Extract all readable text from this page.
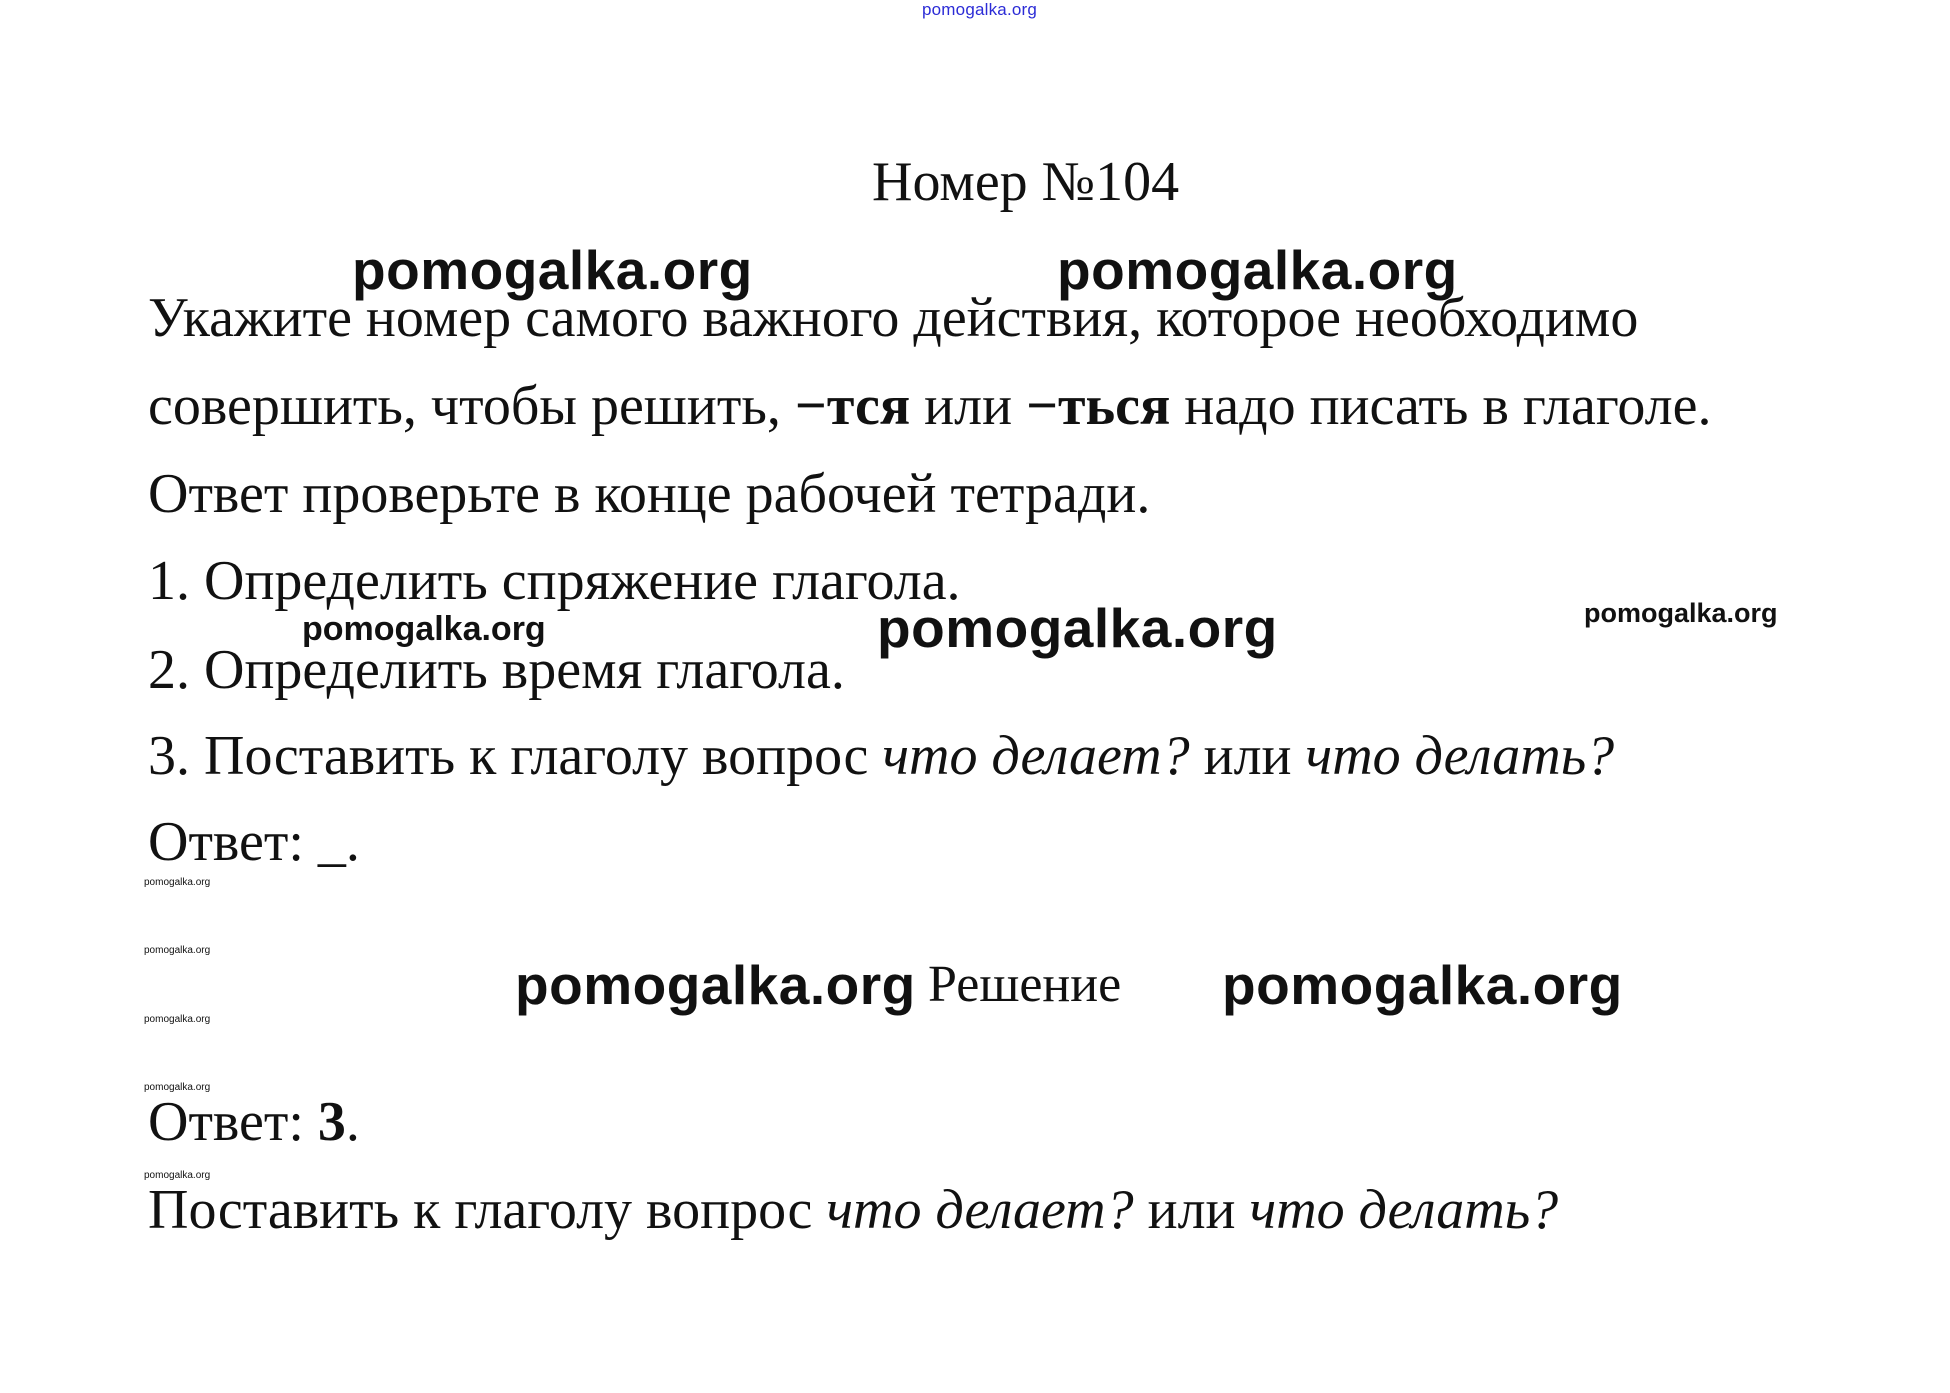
pomogalka.org
Номер №104
pomogalka.org	pomogalka.org
Укажите номер самого важного действия, которое необходимо
совершить, чтобы решить, −тся или −ться надо писать в глаголе.
Ответ проверьте в конце рабочей тетради.
1. Определить спряжение глагола.
pomogalka.org	pomogalka.org	pomogalka.org
2. Определить время глагола.
3. Поставить к глаголу вопрос что делает? или что делать?
Ответ: _.
pomogalka.org
pomogalka.org
pomogalka.org
pomogalka.org
pomogalka.org
pomogalka.org Решение pomogalka.org
Ответ: 3.
Поставить к глаголу вопрос что делает? или что делать?
